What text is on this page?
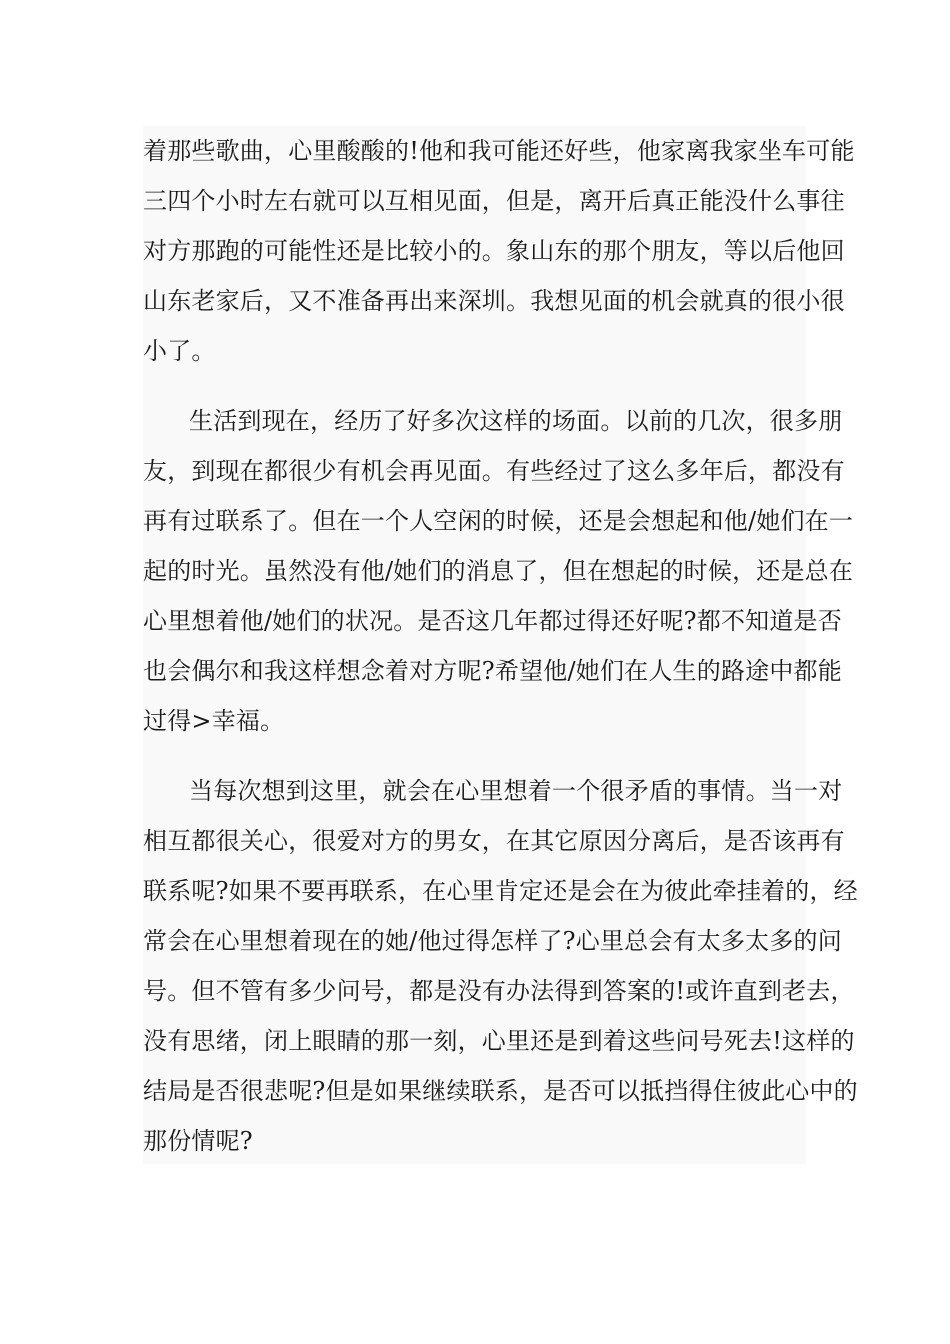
着那些歌曲，心里酸酸的!他和我可能还好些，他家离我家坐车可能
三四个小时左右就可以互相见面，但是，离开后真正能没什么事往
对方那跑的可能性还是比较小的。象山东的那个朋友，等以后他回
山东老家后，又不准备再出来深圳。我想见面的机会就真的很小很
小了。
生活到现在，经历了好多次这样的场面。以前的几次，很多朋
友，到现在都很少有机会再见面。有些经过了这么多年后，都没有
再有过联系了。但在一个人空闲的时候，还是会想起和他/她们在一
起的时光。虽然没有他/她们的消息了，但在想起的时候，还是总在
心里想着他/她们的状况。是否这几年都过得还好呢?都不知道是否
也会偶尔和我这样想念着对方呢?希望他/她们在人生的路途中都能
过得>幸福。
当每次想到这里，就会在心里想着一个很矛盾的事情。当一对
相互都很关心，很爱对方的男女，在其它原因分离后，是否该再有
联系呢?如果不要再联系，在心里肯定还是会在为彼此牵挂着的，经
常会在心里想着现在的她/他过得怎样了?心里总会有太多太多的问
号。但不管有多少问号，都是没有办法得到答案的!或许直到老去，
没有思绪，闭上眼睛的那一刻，心里还是到着这些问号死去!这样的
结局是否很悲呢?但是如果继续联系，是否可以抵挡得住彼此心中的
那份情呢?
